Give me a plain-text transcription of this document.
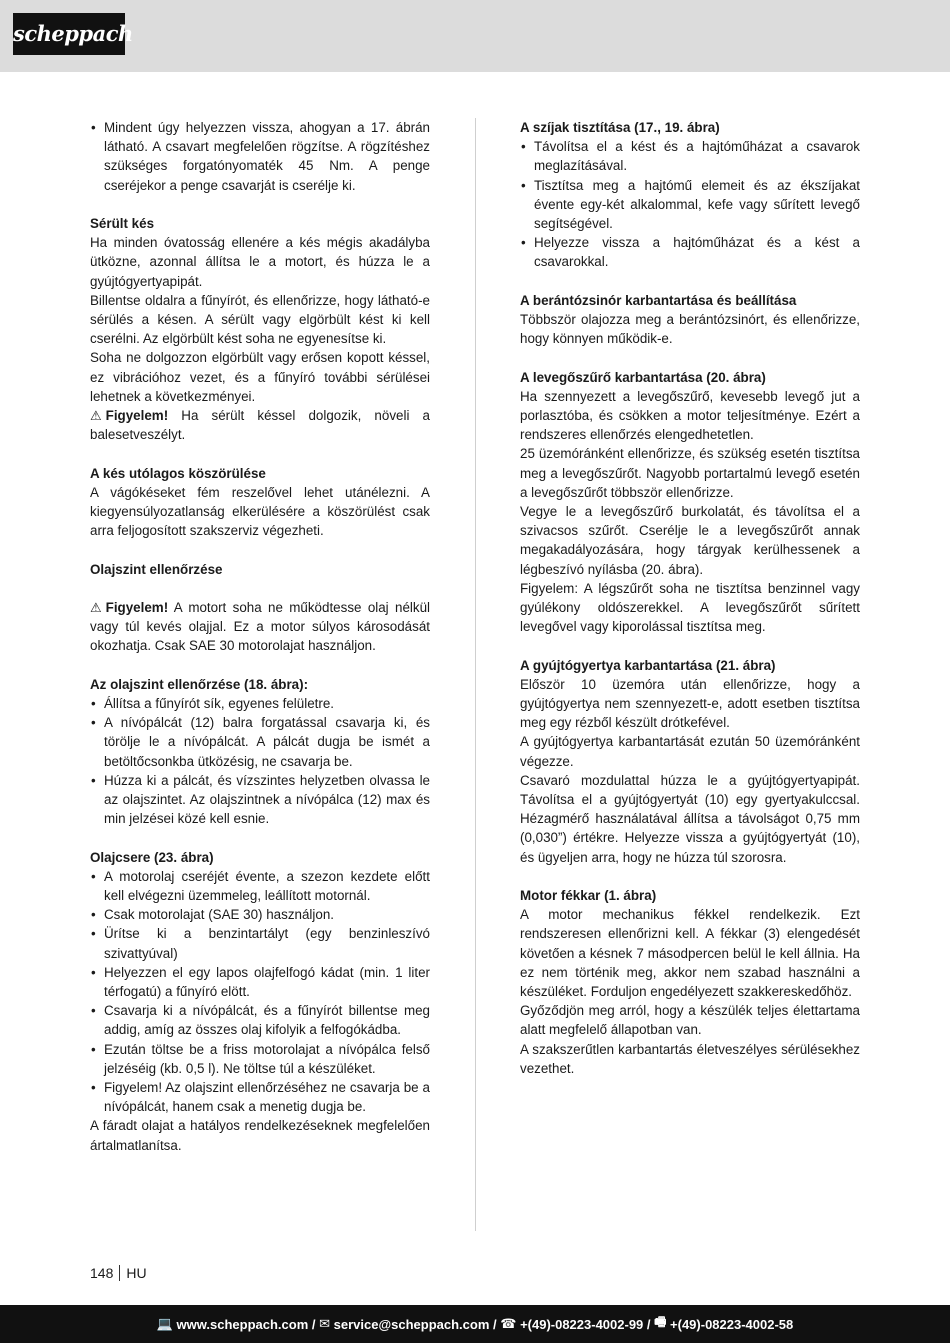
scheppach
• Mindent úgy helyezzen vissza, ahogyan a 17. ábrán látható. A csavart megfelelően rögzítse. A rögzítéshez szükséges forgatónyomaték 45 Nm. A penge cseréjekor a penge csavarját is cserélje ki.
Sérült kés

Ha minden óvatosság ellenére a kés mégis akadályba ütközne, azonnal állítsa le a motort, és húzza le a gyújtógyertyapipát.

Billentse oldalra a fűnyírót, és ellenőrizze, hogy látható-e sérülés a késen. A sérült vagy elgörbült kést ki kell cserélni. Az elgörbült kést soha ne egyenesítse ki.

Soha ne dolgozzon elgörbült vagy erősen kopott késsel, ez vibrációhoz vezet, és a fűnyíró további sérülései lehetnek a következményei.

⚠ Figyelem! Ha sérült késsel dolgozik, növeli a balesetveszélyt.

A kés utólagos köszörülése

A vágókéseket fém reszelővel lehet utánélezni. A kiegyensúlyozatlanság elkerülésére a köszörülést csak arra feljogosított szakszerviz végezheti.

Olajszint ellenőrzése

⚠ Figyelem! A motort soha ne működtesse olaj nélkül vagy túl kevés olajjal. Ez a motor súlyos károsodását okozhatja. Csak SAE 30 motorolajat használjon.

Az olajszint ellenőrzése (18. ábra):
• Állítsa a fűnyírót sík, egyenes felületre.
• A nívópálcát (12) balra forgatással csavarja ki, és törölje le a nívópálcát. A pálcát dugja be ismét a betöltőcsonkba ütközésig, ne csavarja be.
• Húzza ki a pálcát, és vízszintes helyzetben olvassa le az olajszintet. Az olajszintnek a nívópálca (12) max és min jelzései közé kell esnie.
Olajcsere (23. ábra)
• A motorolaj cseréjét évente, a szezon kezdete előtt kell elvégezni üzemmeleg, leállított motornál.
• Csak motorolajat (SAE 30) használjon.
• Ürítse ki a benzintartályt (egy benzinleszívó szivattyúval)
• Helyezzen el egy lapos olajfelfogó kádat (min. 1 liter térfogatú) a fűnyíró elött.
• Csavarja ki a nívópálcát, és a fűnyírót billentse meg addig, amíg az összes olaj kifolyik a felfogókádba.
• Ezután töltse be a friss motorolajat a nívópálca felső jelzéséig (kb. 0,5 l). Ne töltse túl a készüléket.
• Figyelem! Az olajszint ellenőrzéséhez ne csavarja be a nívópálcát, hanem csak a menetig dugja be.

A fáradt olajat a hatályos rendelkezéseknek megfelelően ártalmatlanítsa.

A szíjak tisztítása (17., 19. ábra)
• Távolítsa el a kést és a hajtóműházat a csavarok meglazításával.
• Tisztítsa meg a hajtómű elemeit és az ékszíjakat évente egy-két alkalommal, kefe vagy sűrített levegő segítségével.
• Helyezze vissza a hajtóműházat és a kést a csavarokkal.
A berántózsinór karbantartása és beállítása

Többször olajozza meg a berántózsinórt, és ellenőrizze, hogy könnyen működik-e.

A levegőszűrő karbantartása (20. ábra)

Ha szennyezett a levegőszűrő, kevesebb levegő jut a porlasztóba, és csökken a motor teljesítménye. Ezért a rendszeres ellenőrzés elengedhetetlen.

25 üzemóránként ellenőrizze, és szükség esetén tisztítsa meg a levegőszűrőt. Nagyobb portartalmú levegő esetén a levegőszűrőt többször ellenőrizze.

Vegye le a levegőszűrő burkolatát, és távolítsa el a szivacsos szűrőt. Cserélje le a levegőszűrőt annak megakadályozására, hogy tárgyak kerülhessenek a légbeszívó nyílásba (20. ábra).

Figyelem: A légszűrőt soha ne tisztítsa benzinnel vagy gyúlékony oldószerekkel. A levegőszűrőt sűrített levegővel vagy kiporolással tisztítsa meg.

A gyújtógyertya karbantartása (21. ábra)

Először 10 üzemóra után ellenőrizze, hogy a gyújtógyertya nem szennyezett-e, adott esetben tisztítsa meg egy rézből készült drótkefével.

A gyújtógyertya karbantartását ezután 50 üzemóránként végezze.

Csavaró mozdulattal húzza le a gyújtógyertyapipát. Távolítsa el a gyújtógyertyát (10) egy gyertyakulccsal. Hézagmérő használatával állítsa a távolságot 0,75 mm (0,030”) értékre. Helyezze vissza a gyújtógyertyát (10), és ügyeljen arra, hogy ne húzza túl szorosra.

Motor fékkar (1. ábra)

A motor mechanikus fékkel rendelkezik. Ezt rendszeresen ellenőrizni kell. A fékkar (3) elengedését követően a késnek 7 másodpercen belül le kell állnia. Ha ez nem történik meg, akkor nem szabad használni a készüléket. Forduljon engedélyezett szakkereskedőhöz.

Győződjön meg arról, hogy a készülék teljes élettartama alatt megfelelő állapotban van.

A szakszerűtlen karbantartás életveszélyes sérülésekhez vezethet.

148 HU
💻 www.scheppach.com / ✉ service@scheppach.com / ☎ +(49)-08223-4002-99 / 🖷 +(49)-08223-4002-58
